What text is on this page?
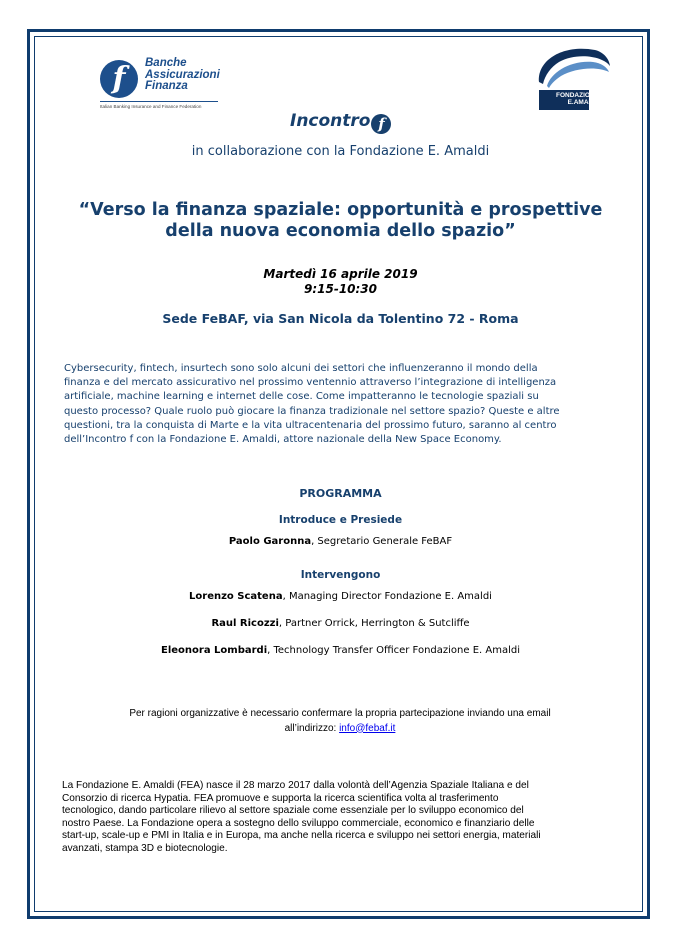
f	Banche
Assicurazioni
Finanza
Italian Banking Insurance and Finance Federation
FONDAZIONE
E.AMALDI
Incontro f
in collaborazione con la Fondazione E. Amaldi
“Verso la finanza spaziale: opportunità e prospettive
della nuova economia dello spazio”
Martedì 16 aprile 2019
9:15-10:30
Sede FeBAF, via San Nicola da Tolentino 72 - Roma
Cybersecurity, fintech, insurtech sono solo alcuni dei settori che influenzeranno il mondo della
finanza e del mercato assicurativo nel prossimo ventennio attraverso l’integrazione di intelligenza
artificiale, machine learning e internet delle cose. Come impatteranno le tecnologie spaziali su
questo processo? Quale ruolo può giocare la finanza tradizionale nel settore spazio? Queste e altre
questioni, tra la conquista di Marte e la vita ultracentenaria del prossimo futuro, saranno al centro
dell’Incontro f con la Fondazione E. Amaldi, attore nazionale della New Space Economy.
PROGRAMMA
Introduce e Presiede
Paolo Garonna, Segretario Generale FeBAF
Intervengono
Lorenzo Scatena, Managing Director Fondazione E. Amaldi
Raul Ricozzi, Partner Orrick, Herrington & Sutcliffe
Eleonora Lombardi, Technology Transfer Officer Fondazione E. Amaldi
Per ragioni organizzative è necessario confermare la propria partecipazione inviando una email
all’indirizzo: info@febaf.it
La Fondazione E. Amaldi (FEA) nasce il 28 marzo 2017 dalla volontà dell’Agenzia Spaziale Italiana e del
Consorzio di ricerca Hypatia. FEA promuove e supporta la ricerca scientifica volta al trasferimento
tecnologico, dando particolare rilievo al settore spaziale come essenziale per lo sviluppo economico del
nostro Paese. La Fondazione opera a sostegno dello sviluppo commerciale, economico e finanziario delle
start-up, scale-up e PMI in Italia e in Europa, ma anche nella ricerca e sviluppo nei settori energia, materiali
avanzati, stampa 3D e biotecnologie.
